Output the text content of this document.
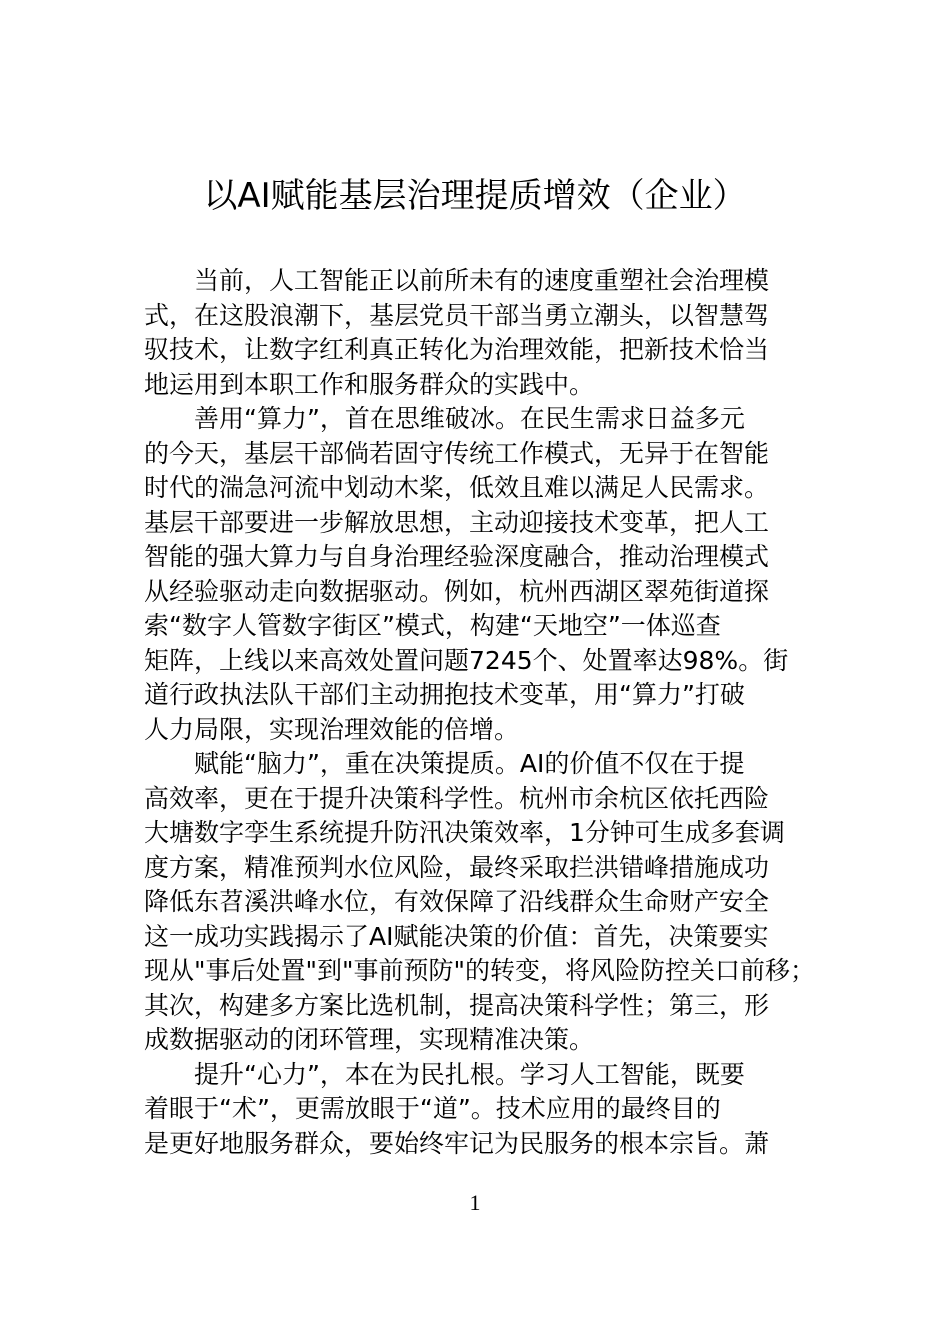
以AI赋能基层治理提质增效（企业）
当前，人工智能正以前所未有的速度重塑社会治理模
式，在这股浪潮下，基层党员干部当勇立潮头，以智慧驾
驭技术，让数字红利真正转化为治理效能，把新技术恰当
地运用到本职工作和服务群众的实践中。
善用“算力”，首在思维破冰。在民生需求日益多元
的今天，基层干部倘若固守传统工作模式，无异于在智能
时代的湍急河流中划动木桨，低效且难以满足人民需求。
基层干部要进一步解放思想，主动迎接技术变革，把人工
智能的强大算力与自身治理经验深度融合，推动治理模式
从经验驱动走向数据驱动。例如，杭州西湖区翠苑街道探
索“数字人管数字街区”模式，构建“天地空”一体巡查
矩阵，上线以来高效处置问题7245个、处置率达98%。街
道行政执法队干部们主动拥抱技术变革，用“算力”打破
人力局限，实现治理效能的倍增。
赋能“脑力”，重在决策提质。AI的价值不仅在于提
高效率，更在于提升决策科学性。杭州市余杭区依托西险
大塘数字孪生系统提升防汛决策效率，1分钟可生成多套调
度方案，精准预判水位风险，最终采取拦洪错峰措施成功
降低东苕溪洪峰水位，有效保障了沿线群众生命财产安全
这一成功实践揭示了AI赋能决策的价值：首先，决策要实
现从"事后处置"到"事前预防"的转变，将风险防控关口前移；
其次，构建多方案比选机制，提高决策科学性；第三，形
成数据驱动的闭环管理，实现精准决策。
提升“心力”，本在为民扎根。学习人工智能，既要
着眼于“术”，更需放眼于“道”。技术应用的最终目的
是更好地服务群众，要始终牢记为民服务的根本宗旨。萧
1
